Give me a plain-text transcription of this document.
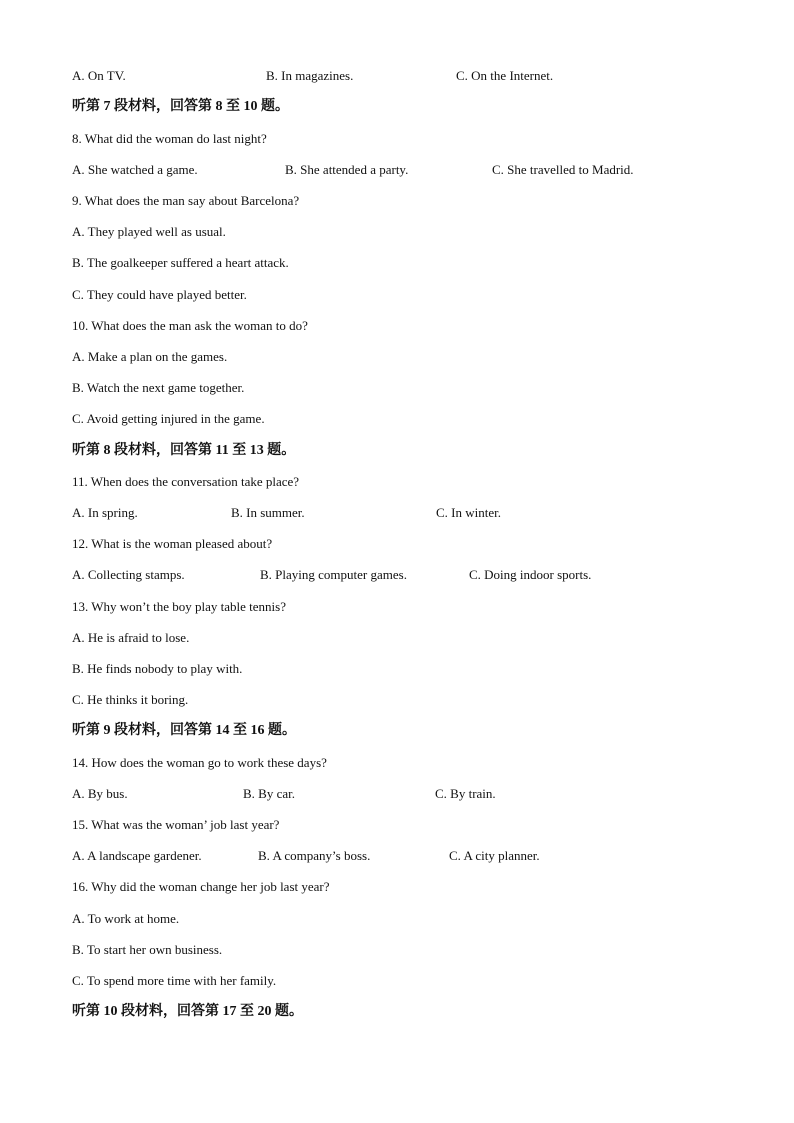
A. On TV.	B. In magazines.	C. On the Internet.
听第 7 段材料，回答第 8 至 10 题。
8. What did the woman do last night?
A. She watched a game.	B. She attended a party.	C. She travelled to Madrid.
9. What does the man say about Barcelona?
A. They played well as usual.
B. The goalkeeper suffered a heart attack.
C. They could have played better.
10. What does the man ask the woman to do?
A. Make a plan on the games.
B. Watch the next game together.
C. Avoid getting injured in the game.
听第 8 段材料，回答第 11 至 13 题。
11. When does the conversation take place?
A. In spring.	B. In summer.	C. In winter.
12. What is the woman pleased about?
A. Collecting stamps.	B. Playing computer games.	C. Doing indoor sports.
13. Why won’t the boy play table tennis?
A. He is afraid to lose.
B. He finds nobody to play with.
C. He thinks it boring.
听第 9 段材料，回答第 14 至 16 题。
14. How does the woman go to work these days?
A. By bus.	B. By car.	C. By train.
15. What was the woman’ job last year?
A. A landscape gardener.	B. A company’s boss.	C. A city planner.
16. Why did the woman change her job last year?
A. To work at home.
B. To start her own business.
C. To spend more time with her family.
听第 10 段材料，回答第 17 至 20 题。
